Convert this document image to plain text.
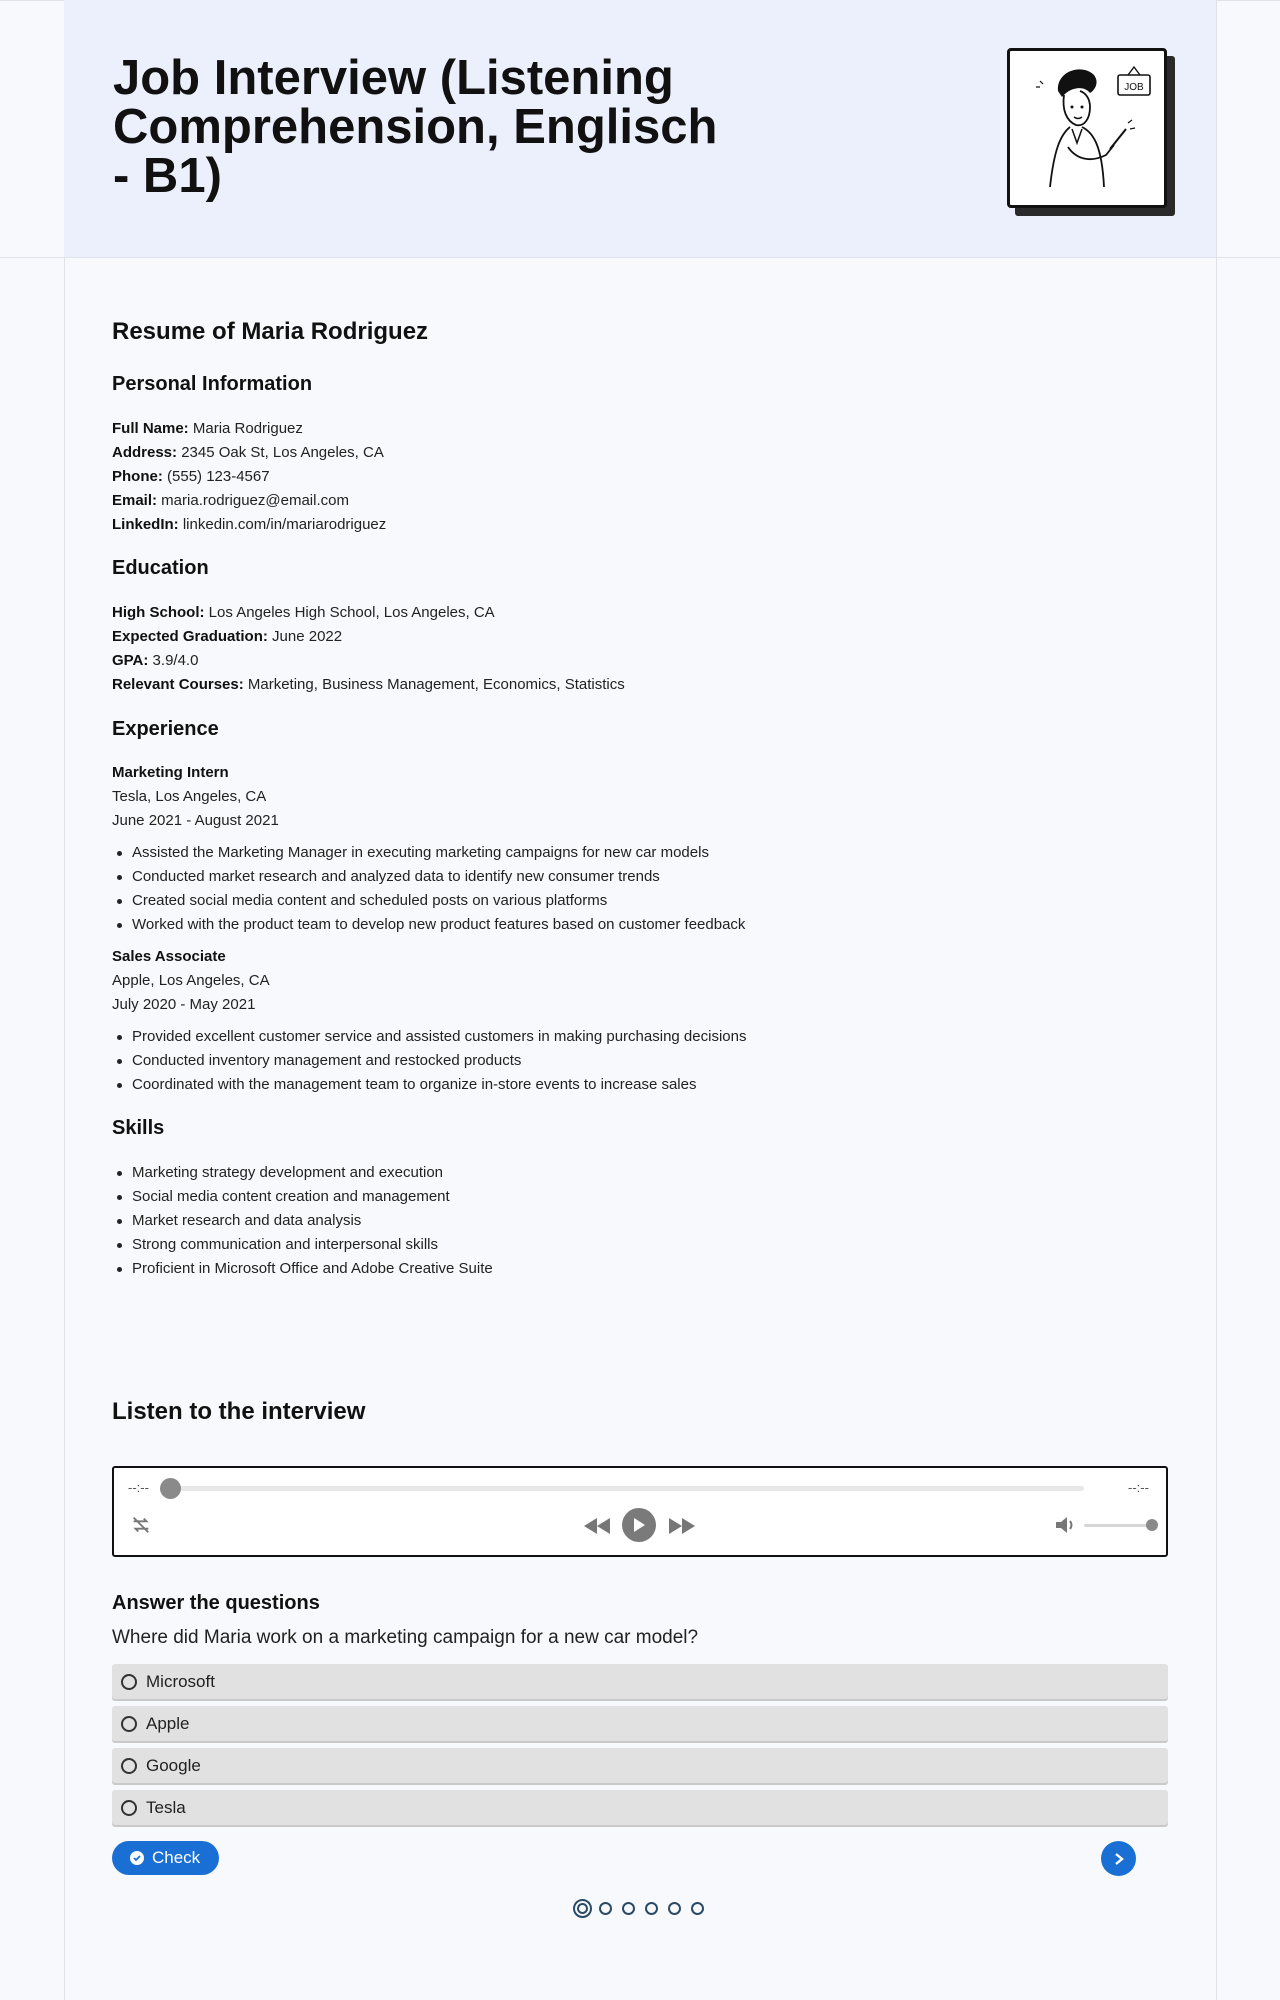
Job Interview (Listening Comprehension, Englisch - B1)
JOB
Resume of Maria Rodriguez
Personal Information
Full Name: Maria Rodriguez
Address: 2345 Oak St, Los Angeles, CA
Phone: (555) 123-4567
Email: maria.rodriguez@email.com
LinkedIn: linkedin.com/in/mariarodriguez
Education
High School: Los Angeles High School, Los Angeles, CA
Expected Graduation: June 2022
GPA: 3.9/4.0
Relevant Courses: Marketing, Business Management, Economics, Statistics
Experience
Marketing Intern
Tesla, Los Angeles, CA
June 2021 - August 2021
Assisted the Marketing Manager in executing marketing campaigns for new car models
Conducted market research and analyzed data to identify new consumer trends
Created social media content and scheduled posts on various platforms
Worked with the product team to develop new product features based on customer feedback
Sales Associate
Apple, Los Angeles, CA
July 2020 - May 2021
Provided excellent customer service and assisted customers in making purchasing decisions
Conducted inventory management and restocked products
Coordinated with the management team to organize in-store events to increase sales
Skills
Marketing strategy development and execution
Social media content creation and management
Market research and data analysis
Strong communication and interpersonal skills
Proficient in Microsoft Office and Adobe Creative Suite
Listen to the interview
--:--	--:--
Answer the questions
Where did Maria work on a marketing campaign for a new car model?
Microsoft
Apple
Google
Tesla
Check
